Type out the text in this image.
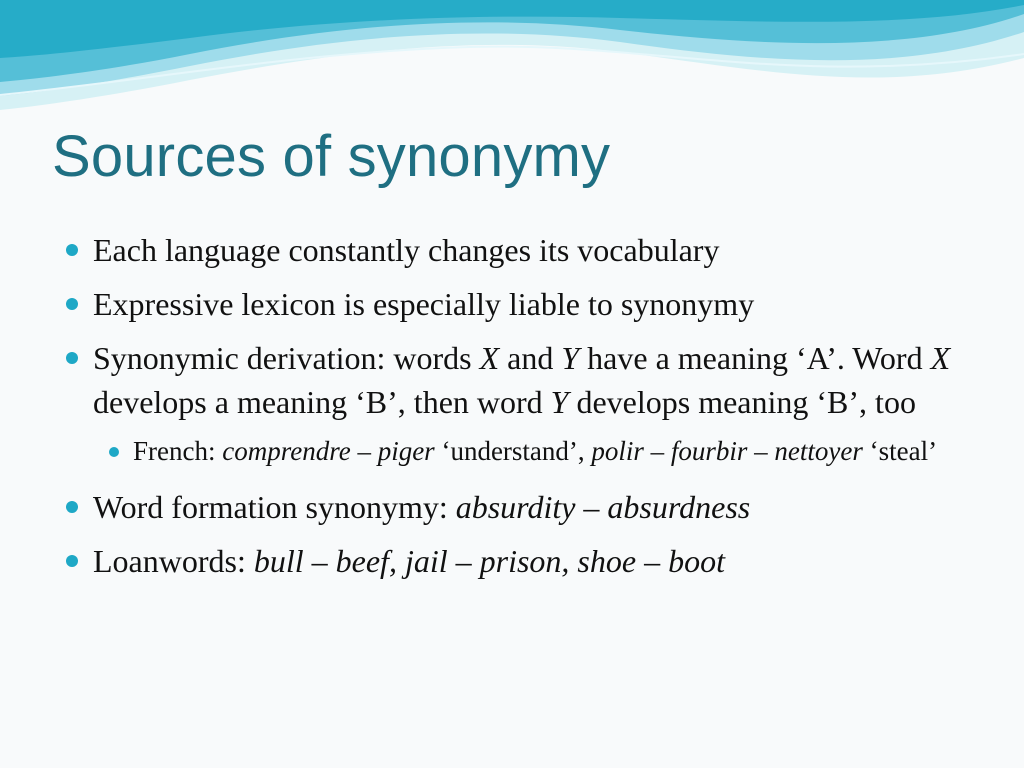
Sources of synonymy
Each language constantly changes its vocabulary
Expressive lexicon is especially liable to synonymy
Synonymic derivation: words X and Y have a meaning ‘A’. Word X develops a meaning ‘B’, then word Y develops meaning ‘B’, too
French: comprendre – piger ‘understand’, polir – fourbir – nettoyer ‘steal’
Word formation synonymy: absurdity – absurdness
Loanwords: bull – beef, jail – prison, shoe – boot
